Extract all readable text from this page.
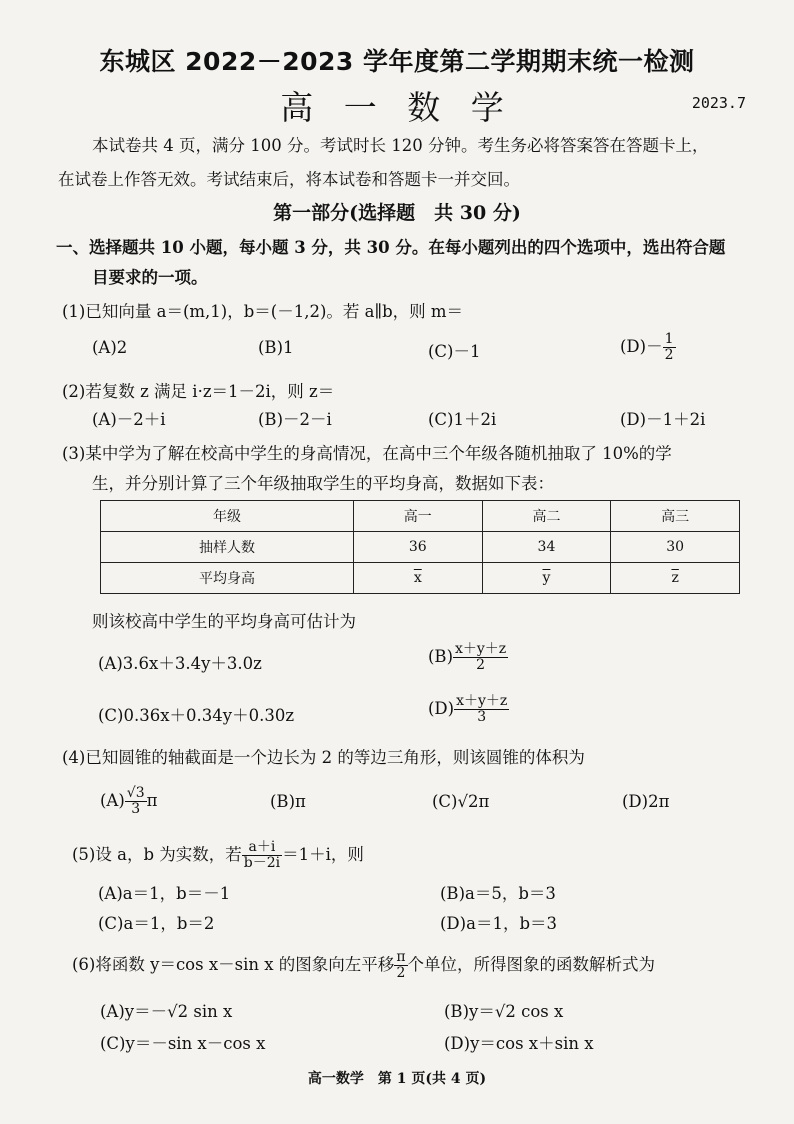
东城区 2022－2023 学年度第二学期期末统一检测
高 一 数 学	2023.7
本试卷共 4 页，满分 100 分。考试时长 120 分钟。考生务必将答案答在答题卡上，
在试卷上作答无效。考试结束后，将本试卷和答题卡一并交回。
第一部分(选择题　共 30 分)
一、选择题共 10 小题，每小题 3 分，共 30 分。在每小题列出的四个选项中，选出符合题
目要求的一项。
(1)已知向量 a＝(m,1)，b＝(－1,2)。若 a∥b，则 m＝
(A)2	(B)1	(C)－1	$(D)- \frac{1}{2}$
(2)若复数 z 满足 i·z＝1－2i，则 z＝
(A)－2＋i	(B)－2－i	(C)1＋2i	(D)－1＋2i
(3)某中学为了解在校高中学生的身高情况，在高中三个年级各随机抽取了 10%的学
生，并分别计算了三个年级抽取学生的平均身高，数据如下表：
年级	高一	高二	高三
抽样人数	36	34	30
平均身高	$\overline{x}$	$\overline{y}$	$\overline{z}$
则该校高中学生的平均身高可估计为
(A)3.6x＋3.4y＋3.0z	$(B) \frac{x+y+z}{2}$
(C)0.36x＋0.34y＋0.30z	$(D) \frac{x+y+z}{3}$
(4)已知圆锥的轴截面是一个边长为 2 的等边三角形，则该圆锥的体积为
$(A) \frac{√3}{3}$ π	(B)π	(C)√2π	(D)2π
(5)设 a，b 为实数，若 $\frac{a+i}{b-2i} =1+i$，则
(A)a＝1，b＝－1	(B)a＝5，b＝3
(C)a＝1，b＝2	(D)a＝1，b＝3
(6)将函数 y＝cos x－sin x 的图象向左平移 $\frac{\pi}{2}$ 个单位，所得图象的函数解析式为
(A)y＝－√2 sin x	(B)y＝√2 cos x
(C)y＝－sin x－cos x	(D)y＝cos x＋sin x
高一数学　第 1 页(共 4 页)
